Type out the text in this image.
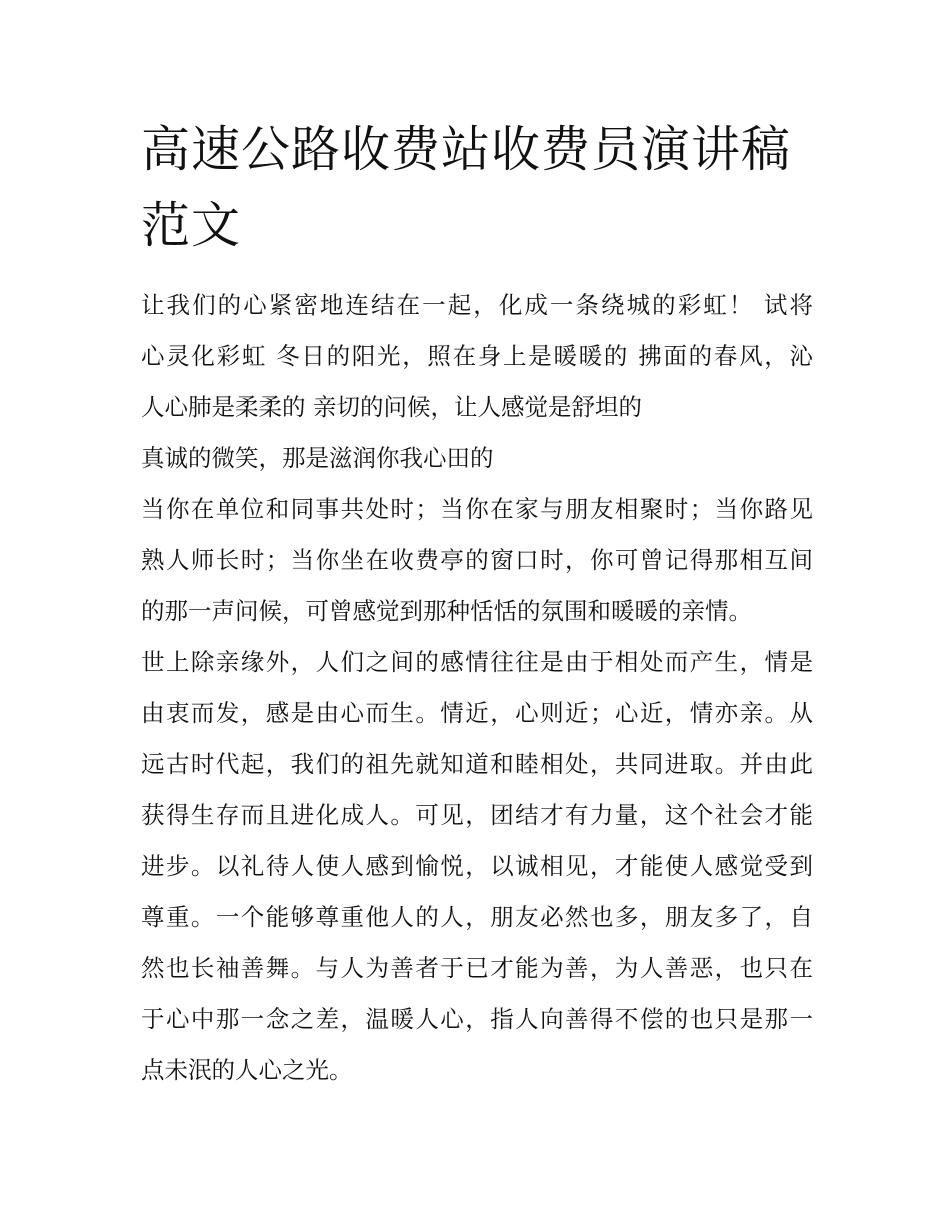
高速公路收费站收费员演讲稿
范文
让我们的心紧密地连结在一起，化成一条绕城的彩虹！ 试将
心灵化彩虹 冬日的阳光，照在身上是暖暖的 拂面的春风，沁
人心肺是柔柔的 亲切的问候，让人感觉是舒坦的
真诚的微笑，那是滋润你我心田的
当你在单位和同事共处时；当你在家与朋友相聚时；当你路见
熟人师长时；当你坐在收费亭的窗口时，你可曾记得那相互间
的那一声问候，可曾感觉到那种恬恬的氛围和暖暖的亲情。
世上除亲缘外，人们之间的感情往往是由于相处而产生，情是
由衷而发，感是由心而生。情近，心则近；心近，情亦亲。从
远古时代起，我们的祖先就知道和睦相处，共同进取。并由此
获得生存而且进化成人。可见，团结才有力量，这个社会才能
进步。以礼待人使人感到愉悦，以诚相见，才能使人感觉受到
尊重。一个能够尊重他人的人，朋友必然也多，朋友多了，自
然也长袖善舞。与人为善者于已才能为善，为人善恶，也只在
于心中那一念之差，温暖人心，指人向善得不偿的也只是那一
点未泯的人心之光。
